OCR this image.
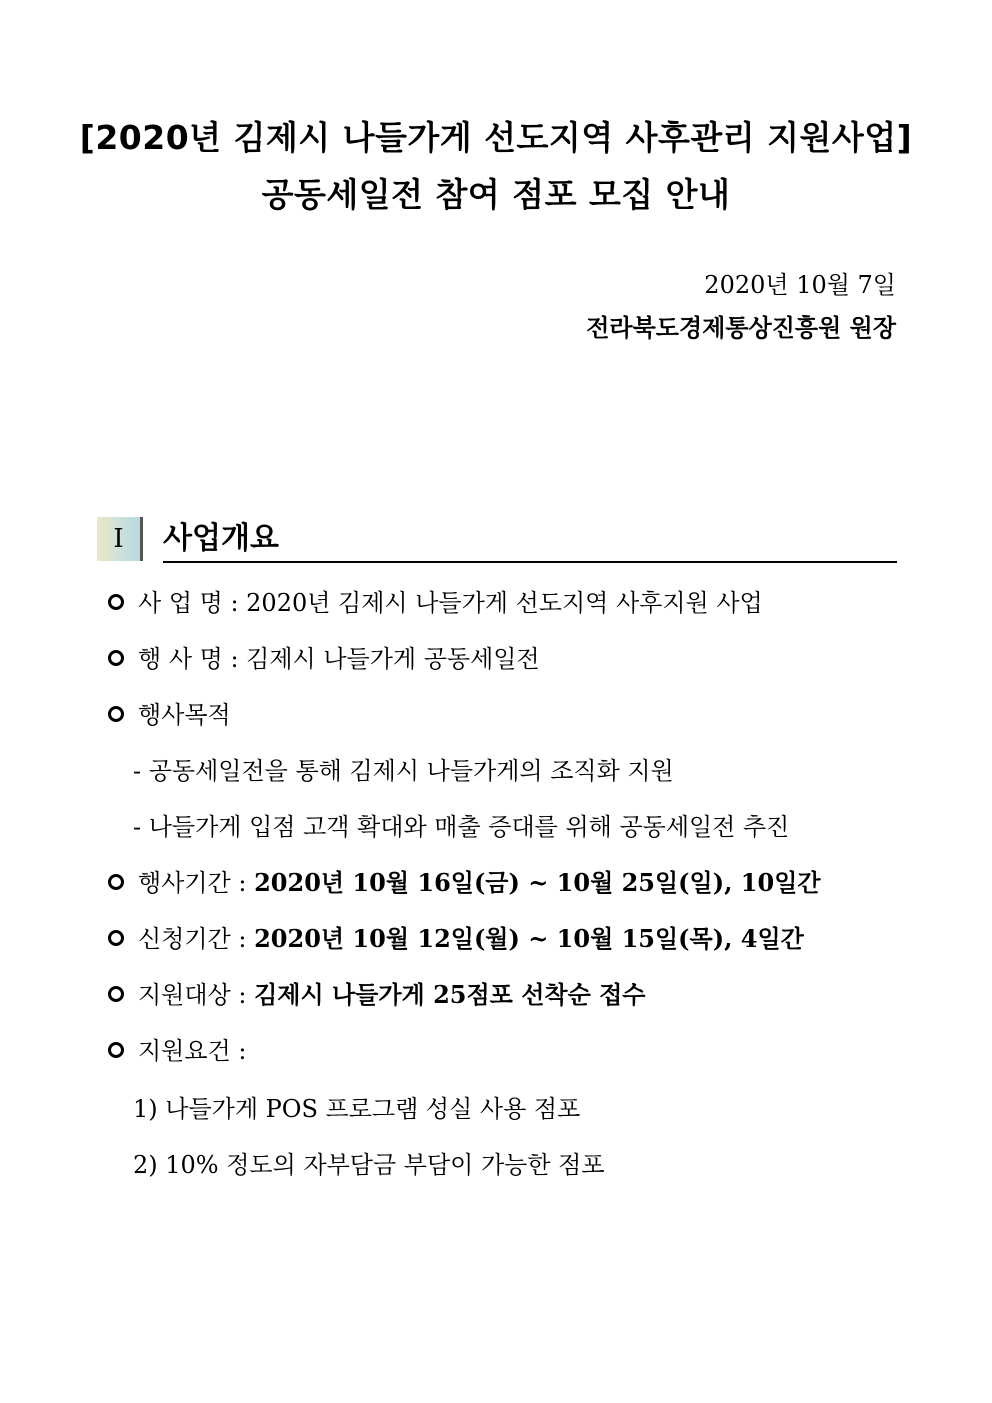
[2020년 김제시 나들가게 선도지역 사후관리 지원사업]
공동세일전 참여 점포 모집 안내
2020년 10월 7일
전라북도경제통상진흥원 원장
Ⅰ	사업개요
사 업 명 : 2020년 김제시 나들가게 선도지역 사후지원 사업
행 사 명 : 김제시 나들가게 공동세일전
행사목적
- 공동세일전을 통해 김제시 나들가게의 조직화 지원
- 나들가게 입점 고객 확대와 매출 증대를 위해 공동세일전 추진
행사기간 : 2020년 10월 16일(금) ~ 10월 25일(일), 10일간
신청기간 : 2020년 10월 12일(월) ~ 10월 15일(목), 4일간
지원대상 : 김제시 나들가게 25점포 선착순 접수
지원요건 :
1) 나들가게 POS 프로그램 성실 사용 점포
2) 10% 정도의 자부담금 부담이 가능한 점포
